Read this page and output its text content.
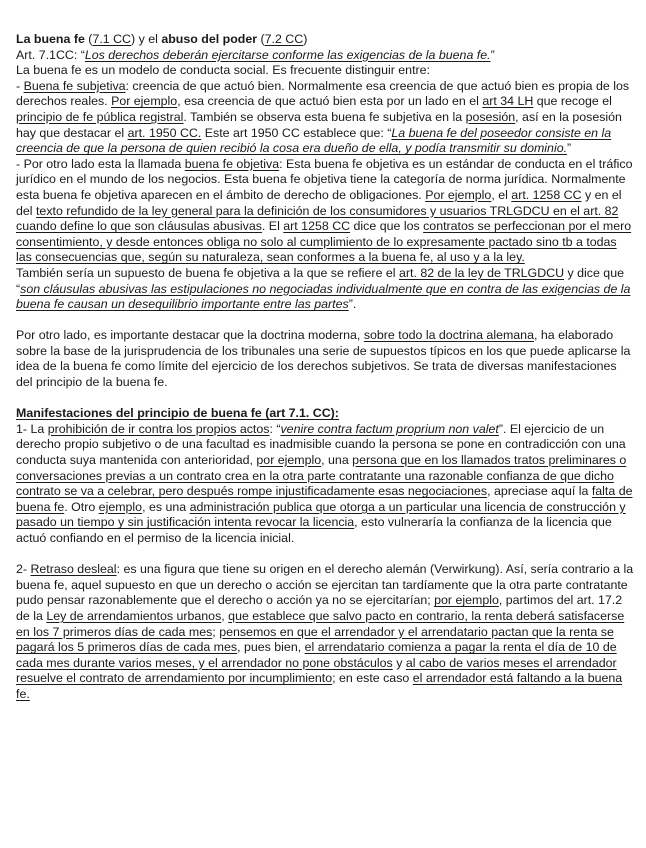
La buena fe (7.1 CC) y el abuso del poder (7.2 CC)

Art. 7.1CC: “Los derechos deberán ejercitarse conforme las exigencias de la buena fe.”

La buena fe es un modelo de conducta social. Es frecuente distinguir entre:

- Buena fe subjetiva: creencia de que actuó bien. Normalmente esa creencia de que actuó bien es propia de los derechos reales. Por ejemplo, esa creencia de que actuó bien esta por un lado en el art 34 LH que recoge el principio de fe pública registral. También se observa esta buena fe subjetiva en la posesión, así en la posesión hay que destacar el art. 1950 CC. Este art 1950 CC establece que: “La buena fe del poseedor consiste en la creencia de que la persona de quien recibió la cosa era dueño de ella, y podía transmitir su dominio.”

- Por otro lado esta la llamada buena fe objetiva: Esta buena fe objetiva es un estándar de conducta en el tráfico jurídico en el mundo de los negocios. Esta buena fe objetiva tiene la categoría de norma jurídica. Normalmente esta buena fe objetiva aparecen en el ámbito de derecho de obligaciones. Por ejemplo, el art. 1258 CC y en el del texto refundido de la ley general para la definición de los consumidores y usuarios TRLGDCU en el art. 82 cuando define lo que son cláusulas abusivas. El art 1258 CC dice que los contratos se perfeccionan por el mero consentimiento, y desde entonces obliga no solo al cumplimiento de lo expresamente pactado sino tb a todas las consecuencias que, según su naturaleza, sean conformes a la buena fe, al uso y a la ley.

También sería un supuesto de buena fe objetiva a la que se refiere el art. 82 de la ley de TRLGDCU y dice que “son cláusulas abusivas las estipulaciones no negociadas individualmente que en contra de las exigencias de la buena fe causan un desequilibrio importante entre las partes”.

Por otro lado, es importante destacar que la doctrina moderna, sobre todo la doctrina alemana, ha elaborado sobre la base de la jurisprudencia de los tribunales una serie de supuestos típicos en los que puede aplicarse la idea de la buena fe como límite del ejercicio de los derechos subjetivos. Se trata de diversas manifestaciones del principio de la buena fe.

Manifestaciones del principio de buena fe (art 7.1. CC):

1- La prohibición de ir contra los propios actos: “venire contra factum proprium non valet”. El ejercicio de un derecho propio subjetivo o de una facultad es inadmisible cuando la persona se pone en contradicción con una conducta suya mantenida con anterioridad, por ejemplo, una persona que en los llamados tratos preliminares o conversaciones previas a un contrato crea en la otra parte contratante una razonable confianza de que dicho contrato se va a celebrar, pero después rompe injustificadamente esas negociaciones, apreciase aquí la falta de buena fe. Otro ejemplo, es una administración publica que otorga a un particular una licencia de construcción y pasado un tiempo y sin justificación intenta revocar la licencia, esto vulneraría la confianza de la licencia que actuó confiando en el permiso de la licencia inicial.

2- Retraso desleal: es una figura que tiene su origen en el derecho alemán (Verwirkung). Así, sería contrario a la buena fe, aquel supuesto en que un derecho o acción se ejercitan tan tardíamente que la otra parte contratante pudo pensar razonablemente que el derecho o acción ya no se ejercitarían; por ejemplo, partimos del art. 17.2 de la Ley de arrendamientos urbanos, que establece que salvo pacto en contrario, la renta deberá satisfacerse en los 7 primeros días de cada mes; pensemos en que el arrendador y el arrendatario pactan que la renta se pagará los 5 primeros días de cada mes, pues bien, el arrendatario comienza a pagar la renta el día de 10 de cada mes durante varios meses, y el arrendador no pone obstáculos y al cabo de varios meses el arrendador resuelve el contrato de arrendamiento por incumplimiento; en este caso el arrendador está faltando a la buena fe.
